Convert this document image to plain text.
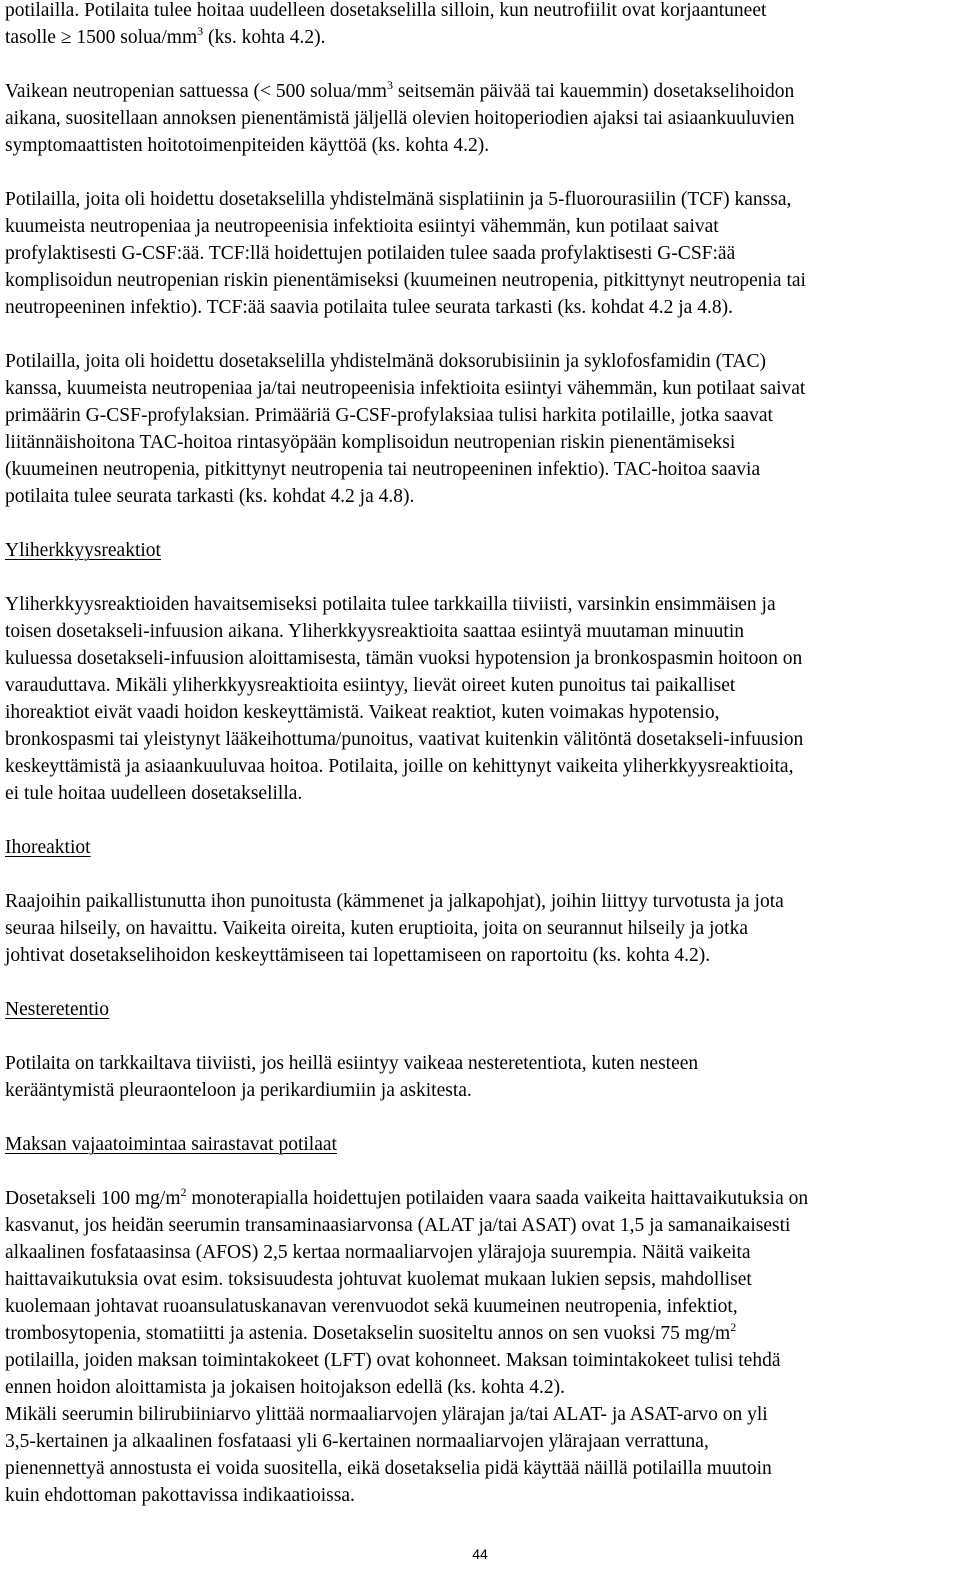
potilailla. Potilaita tulee hoitaa uudelleen dosetakselilla silloin, kun neutrofiilit ovat korjaantuneet
tasolle ≥ 1500 solua/$mm^3$ (ks. kohta 4.2).

Vaikean neutropenian sattuessa (< 500 solua/$mm^3$ seitsemän päivää tai kauemmin) dosetakselihoidon
aikana, suositellaan annoksen pienentämistä jäljellä olevien hoitoperiodien ajaksi tai asiaankuuluvien
symptomaattisten hoitotoimenpiteiden käyttöä (ks. kohta 4.2).

Potilailla, joita oli hoidettu dosetakselilla yhdistelmänä sisplatiinin ja 5-fluorourasiilin (TCF) kanssa,
kuumeista neutropeniaa ja neutropeenisia infektioita esiintyi vähemmän, kun potilaat saivat
profylaktisesti G-CSF:ää. TCF:llä hoidettujen potilaiden tulee saada profylaktisesti G-CSF:ää
komplisoidun neutropenian riskin pienentämiseksi (kuumeinen neutropenia, pitkittynyt neutropenia tai
neutropeeninen infektio). TCF:ää saavia potilaita tulee seurata tarkasti (ks. kohdat 4.2 ja 4.8).

Potilailla, joita oli hoidettu dosetakselilla yhdistelmänä doksorubisiinin ja syklofosfamidin (TAC)
kanssa, kuumeista neutropeniaa ja/tai neutropeenisia infektioita esiintyi vähemmän, kun potilaat saivat
primäärin G-CSF-profylaksian. Primääriä G-CSF-profylaksiaa tulisi harkita potilaille, jotka saavat
liitännäishoitona TAC-hoitoa rintasyöpään komplisoidun neutropenian riskin pienentämiseksi
(kuumeinen neutropenia, pitkittynyt neutropenia tai neutropeeninen infektio). TAC-hoitoa saavia
potilaita tulee seurata tarkasti (ks. kohdat 4.2 ja 4.8).

Yliherkkyysreaktiot

Yliherkkyysreaktioiden havaitsemiseksi potilaita tulee tarkkailla tiiviisti, varsinkin ensimmäisen ja
toisen dosetakseli-infuusion aikana. Yliherkkyysreaktioita saattaa esiintyä muutaman minuutin
kuluessa dosetakseli-infuusion aloittamisesta, tämän vuoksi hypotension ja bronkospasmin hoitoon on
varauduttava. Mikäli yliherkkyysreaktioita esiintyy, lievät oireet kuten punoitus tai paikalliset
ihoreaktiot eivät vaadi hoidon keskeyttämistä. Vaikeat reaktiot, kuten voimakas hypotensio,
bronkospasmi tai yleistynyt lääkeihottuma/punoitus, vaativat kuitenkin välitöntä dosetakseli-infuusion
keskeyttämistä ja asiaankuuluvaa hoitoa. Potilaita, joille on kehittynyt vaikeita yliherkkyysreaktioita,
ei tule hoitaa uudelleen dosetakselilla.

Ihoreaktiot

Raajoihin paikallistunutta ihon punoitusta (kämmenet ja jalkapohjat), joihin liittyy turvotusta ja jota
seuraa hilseily, on havaittu. Vaikeita oireita, kuten eruptioita, joita on seurannut hilseily ja jotka
johtivat dosetakselihoidon keskeyttämiseen tai lopettamiseen on raportoitu (ks. kohta 4.2).

Nesteretentio

Potilaita on tarkkailtava tiiviisti, jos heillä esiintyy vaikeaa nesteretentiota, kuten nesteen
kerääntymistä pleuraonteloon ja perikardiumiin ja askitesta.

Maksan vajaatoimintaa sairastavat potilaat

Dosetakseli 100 $mg/m^2$ monoterapialla hoidettujen potilaiden vaara saada vaikeita haittavaikutuksia on
kasvanut, jos heidän seerumin transaminaasiarvonsa (ALAT ja/tai ASAT) ovat 1,5 ja samanaikaisesti
alkaalinen fosfataasinsa (AFOS) 2,5 kertaa normaaliarvojen ylärajoja suurempia. Näitä vaikeita
haittavaikutuksia ovat esim. toksisuudesta johtuvat kuolemat mukaan lukien sepsis, mahdolliset
kuolemaan johtavat ruoansulatuskanavan verenvuodot sekä kuumeinen neutropenia, infektiot,
trombosytopenia, stomatiitti ja astenia. Dosetakselin suositeltu annos on sen vuoksi 75 $mg/m^2$
potilailla, joiden maksan toimintakokeet (LFT) ovat kohonneet. Maksan toimintakokeet tulisi tehdä
ennen hoidon aloittamista ja jokaisen hoitojakson edellä (ks. kohta 4.2).

Mikäli seerumin bilirubiiniarvo ylittää normaaliarvojen ylärajan ja/tai ALAT- ja ASAT-arvo on yli
3,5-kertainen ja alkaalinen fosfataasi yli 6-kertainen normaaliarvojen ylärajaan verrattuna,
pienennettyä annostusta ei voida suositella, eikä dosetakselia pidä käyttää näillä potilailla muutoin
kuin ehdottoman pakottavissa indikaatioissa.

44
